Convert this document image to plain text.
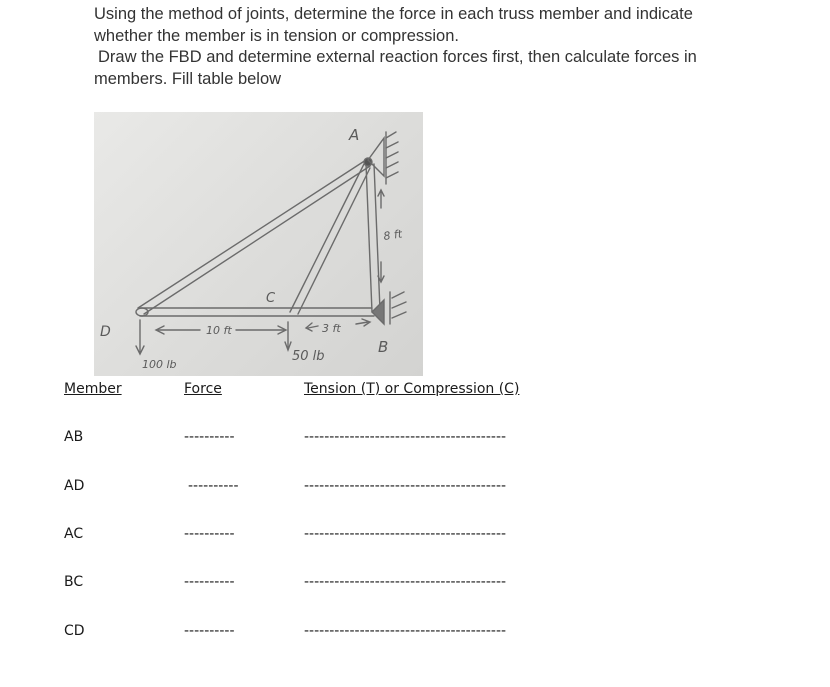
Using the method of joints, determine the force in each truss member and indicate

whether the member is in tension or compression.

Draw the FBD and determine external reaction forces first, then calculate forces in

members. Fill table below

A
B
C
D	10 ft	3 ft
8 ft
100 lb
50 lb
Member	Force	Tension (T) or Compression (C)
AB	----------	----------------------------------------
AD	----------	----------------------------------------
AC	----------	----------------------------------------
BC	----------	----------------------------------------
CD	----------	----------------------------------------
